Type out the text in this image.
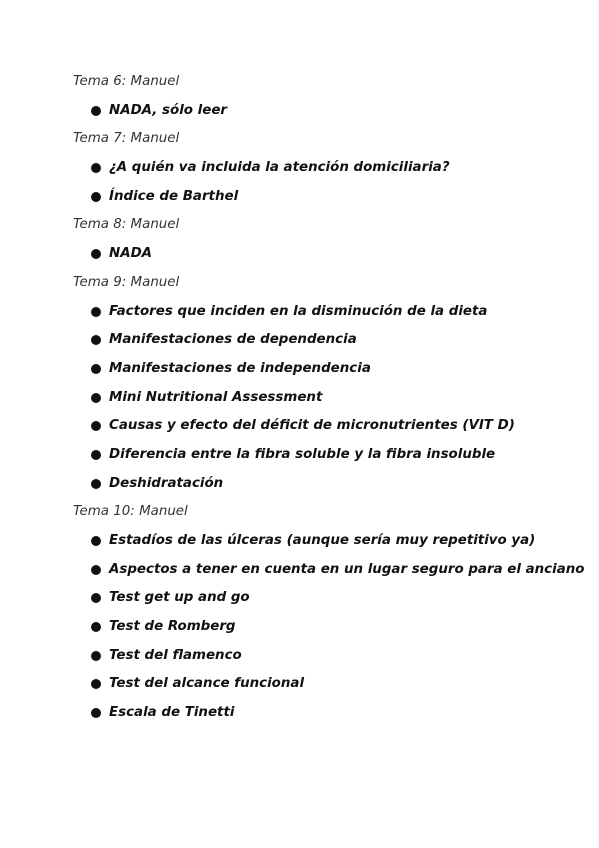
Tema 6: Manuel

NADA, sólo leer

Tema 7: Manuel

¿A quién va incluida la atención domiciliaria?
Índice de Barthel

Tema 8: Manuel

NADA

Tema 9: Manuel

Factores que inciden en la disminución de la dieta
Manifestaciones de dependencia
Manifestaciones de independencia
Mini Nutritional Assessment
Causas y efecto del déficit de micronutrientes (VIT D)
Diferencia entre la fibra soluble y la fibra insoluble
Deshidratación

Tema 10: Manuel

Estadíos de las úlceras (aunque sería muy repetitivo ya)
Aspectos a tener en cuenta en un lugar seguro para el anciano
Test get up and go
Test de Romberg
Test del flamenco
Test del alcance funcional
Escala de Tinetti
